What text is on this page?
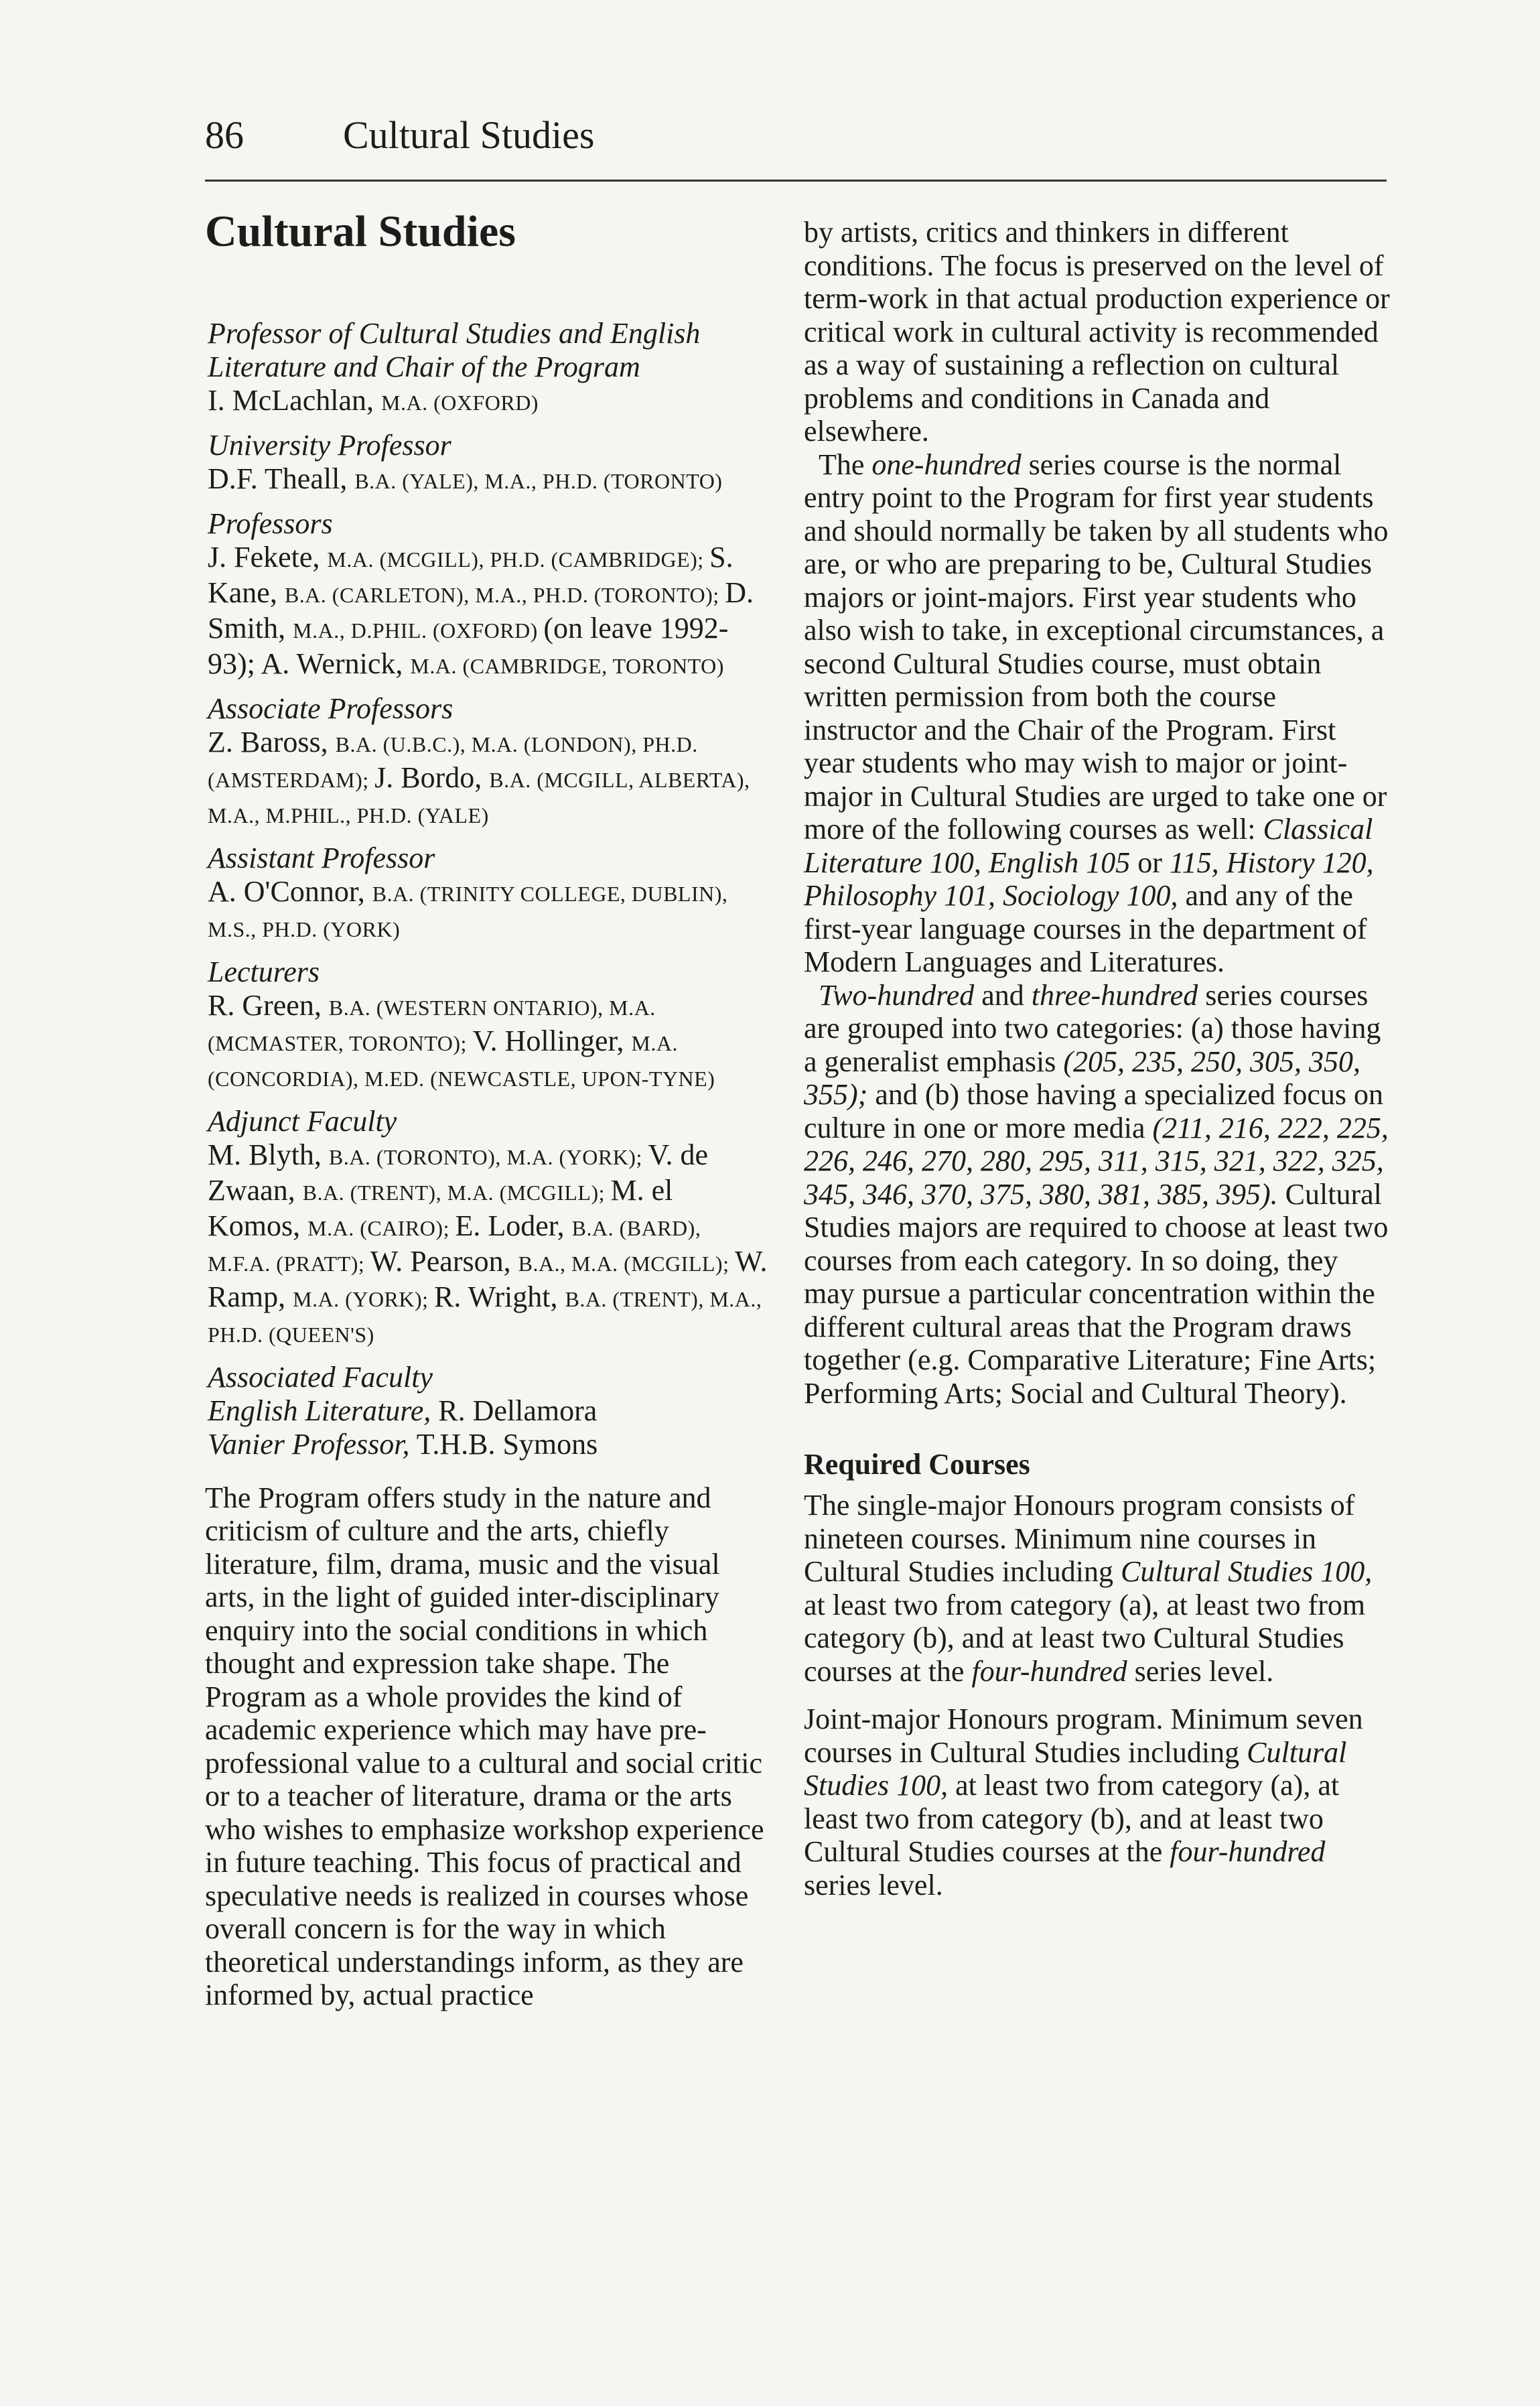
86	Cultural Studies
Cultural Studies

Professor of Cultural Studies and English Literature and Chair of the Program

I. McLachlan, M.A. (OXFORD)

University Professor

D.F. Theall, B.A. (YALE), M.A., PH.D. (TORONTO)

Professors

J. Fekete, M.A. (MCGILL), PH.D. (CAMBRIDGE); S. Kane, B.A. (CARLETON), M.A., PH.D. (TORONTO); D. Smith, M.A., D.PHIL. (OXFORD) (on leave 1992-93); A. Wernick, M.A. (CAMBRIDGE, TORONTO)

Associate Professors

Z. Baross, B.A. (U.B.C.), M.A. (LONDON), PH.D. (AMSTERDAM); J. Bordo, B.A. (MCGILL, ALBERTA), M.A., M.PHIL., PH.D. (YALE)

Assistant Professor

A. O'Connor, B.A. (TRINITY COLLEGE, DUBLIN), M.S., PH.D. (YORK)

Lecturers

R. Green, B.A. (WESTERN ONTARIO), M.A. (MCMASTER, TORONTO); V. Hollinger, M.A. (CONCORDIA), M.ED. (NEWCASTLE, UPON-TYNE)

Adjunct Faculty

M. Blyth, B.A. (TORONTO), M.A. (YORK); V. de Zwaan, B.A. (TRENT), M.A. (MCGILL); M. el Komos, M.A. (CAIRO); E. Loder, B.A. (BARD), M.F.A. (PRATT); W. Pearson, B.A., M.A. (MCGILL); W. Ramp, M.A. (YORK); R. Wright, B.A. (TRENT), M.A., PH.D. (QUEEN'S)

Associated Faculty

English Literature, R. Dellamora

Vanier Professor, T.H.B. Symons

The Program offers study in the nature and criticism of culture and the arts, chiefly literature, film, drama, music and the visual arts, in the light of guided inter-disciplinary enquiry into the social conditions in which thought and expression take shape. The Program as a whole provides the kind of academic experience which may have pre-professional value to a cultural and social critic or to a teacher of literature, drama or the arts who wishes to emphasize workshop experience in future teaching. This focus of practical and speculative needs is realized in courses whose overall concern is for the way in which theoretical understandings inform, as they are informed by, actual practice

by artists, critics and thinkers in different conditions. The focus is preserved on the level of term-work in that actual production experience or critical work in cultural activity is recommended as a way of sustaining a reflection on cultural problems and conditions in Canada and elsewhere.

The one-hundred series course is the normal entry point to the Program for first year students and should normally be taken by all students who are, or who are preparing to be, Cultural Studies majors or joint-majors. First year students who also wish to take, in exceptional circumstances, a second Cultural Studies course, must obtain written permission from both the course instructor and the Chair of the Program. First year students who may wish to major or joint-major in Cultural Studies are urged to take one or more of the following courses as well: Classical Literature 100, English 105 or 115, History 120, Philosophy 101, Sociology 100, and any of the first-year language courses in the department of Modern Languages and Literatures.

Two-hundred and three-hundred series courses are grouped into two categories: (a) those having a generalist emphasis (205, 235, 250, 305, 350, 355); and (b) those having a specialized focus on culture in one or more media (211, 216, 222, 225, 226, 246, 270, 280, 295, 311, 315, 321, 322, 325, 345, 346, 370, 375, 380, 381, 385, 395). Cultural Studies majors are required to choose at least two courses from each category. In so doing, they may pursue a particular concentration within the different cultural areas that the Program draws together (e.g. Comparative Literature; Fine Arts; Performing Arts; Social and Cultural Theory).

Required Courses

The single-major Honours program consists of nineteen courses. Minimum nine courses in Cultural Studies including Cultural Studies 100, at least two from category (a), at least two from category (b), and at least two Cultural Studies courses at the four-hundred series level.

Joint-major Honours program. Minimum seven courses in Cultural Studies including Cultural Studies 100, at least two from category (a), at least two from category (b), and at least two Cultural Studies courses at the four-hundred series level.
